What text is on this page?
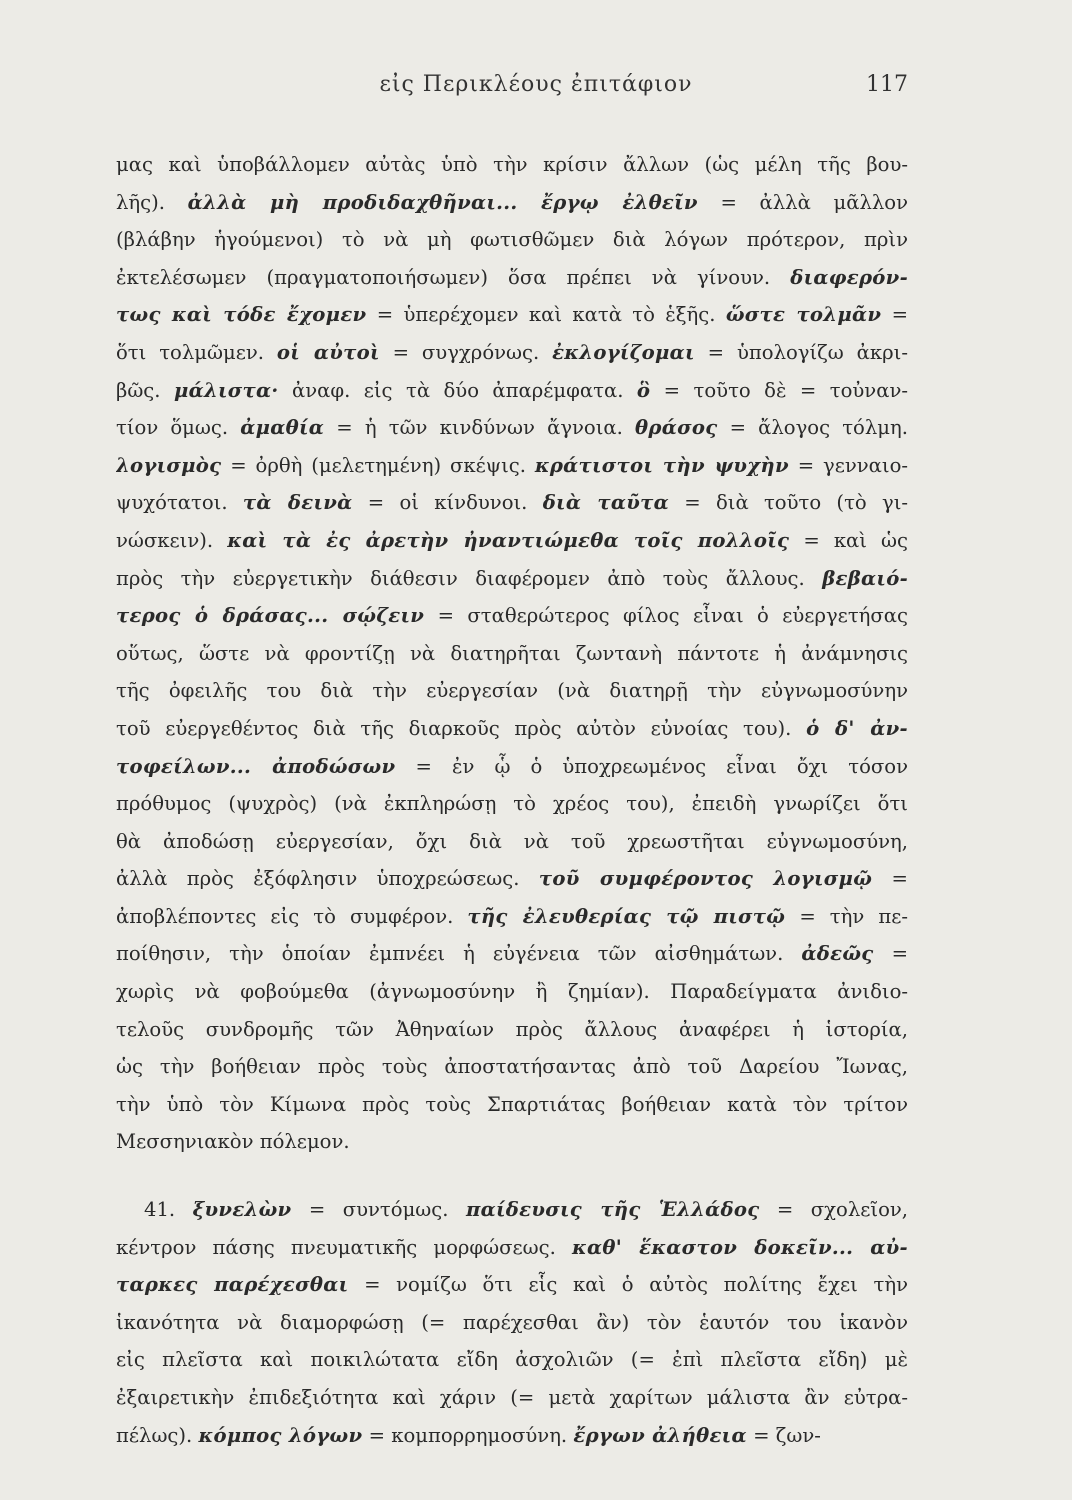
εἰς Περικλέους ἐπιτάφιον	117
μας καὶ ὑποβάλλομεν αὐτὰς ὑπὸ τὴν κρίσιν ἄλλων (ὡς μέλη τῆς βου-
λῆς). ἀλλὰ μὴ προδιδαχθῆναι... ἔργῳ ἐλθεῖν = ἀλλὰ μᾶλλον
(βλάβην ἡγούμενοι) τὸ νὰ μὴ φωτισθῶμεν διὰ λόγων πρότερον, πρὶν
ἐκτελέσωμεν (πραγματοποιήσωμεν) ὅσα πρέπει νὰ γίνουν. διαφερόν-
τως καὶ τόδε ἔχομεν = ὑπερέχομεν καὶ κατὰ τὸ ἑξῆς. ὥστε τολμᾶν =
ὅτι τολμῶμεν. οἱ αὐτοὶ = συγχρόνως. ἐκλογίζομαι = ὑπολογίζω ἀκρι-
βῶς. μάλιστα· ἀναφ. εἰς τὰ δύο ἀπαρέμφατα. ὃ = τοῦτο δὲ = τοὐναν-
τίον ὅμως. ἀμαθία = ἡ τῶν κινδύνων ἄγνοια. θράσος = ἄλογος τόλμη.
λογισμὸς = ὀρθὴ (μελετημένη) σκέψις. κράτιστοι τὴν ψυχὴν = γενναιο-
ψυχότατοι. τὰ δεινὰ = οἱ κίνδυνοι. διὰ ταῦτα = διὰ τοῦτο (τὸ γι-
νώσκειν). καὶ τὰ ἐς ἀρετὴν ἠναντιώμεθα τοῖς πολλοῖς = καὶ ὡς
πρὸς τὴν εὐεργετικὴν διάθεσιν διαφέρομεν ἀπὸ τοὺς ἄλλους. βεβαιό-
τερος ὁ δράσας... σῴζειν = σταθερώτερος φίλος εἶναι ὁ εὐεργετήσας
οὕτως, ὥστε νὰ φροντίζῃ νὰ διατηρῆται ζωντανὴ πάντοτε ἡ ἀνάμνησις
τῆς ὀφειλῆς του διὰ τὴν εὐεργεσίαν (νὰ διατηρῇ τὴν εὐγνωμοσύνην
τοῦ εὐεργεθέντος διὰ τῆς διαρκοῦς πρὸς αὐτὸν εὐνοίας του). ὁ δ' ἀν-
τοφείλων... ἀποδώσων = ἐν ᾧ ὁ ὑποχρεωμένος εἶναι ὄχι τόσον
πρόθυμος (ψυχρὸς) (νὰ ἐκπληρώσῃ τὸ χρέος του), ἐπειδὴ γνωρίζει ὅτι
θὰ ἀποδώσῃ εὐεργεσίαν, ὄχι διὰ νὰ τοῦ χρεωστῆται εὐγνωμοσύνη,
ἀλλὰ πρὸς ἐξόφλησιν ὑποχρεώσεως. τοῦ συμφέροντος λογισμῷ =
ἀποβλέποντες εἰς τὸ συμφέρον. τῆς ἐλευθερίας τῷ πιστῷ = τὴν πε-
ποίθησιν, τὴν ὁποίαν ἐμπνέει ἡ εὐγένεια τῶν αἰσθημάτων. ἀδεῶς =
χωρὶς νὰ φοβούμεθα (ἀγνωμοσύνην ἢ ζημίαν). Παραδείγματα ἀνιδιο-
τελοῦς συνδρομῆς τῶν Ἀθηναίων πρὸς ἄλλους ἀναφέρει ἡ ἱστορία,
ὡς τὴν βοήθειαν πρὸς τοὺς ἀποστατήσαντας ἀπὸ τοῦ Δαρείου Ἴωνας,
τὴν ὑπὸ τὸν Κίμωνα πρὸς τοὺς Σπαρτιάτας βοήθειαν κατὰ τὸν τρίτον
Μεσσηνιακὸν πόλεμον.
41. ξυνελὼν = συντόμως. παίδευσις τῆς Ἑλλάδος = σχολεῖον,
κέντρον πάσης πνευματικῆς μορφώσεως. καθ' ἕκαστον δοκεῖν... αὐ-
ταρκες παρέχεσθαι = νομίζω ὅτι εἷς καὶ ὁ αὐτὸς πολίτης ἔχει τὴν
ἱκανότητα νὰ διαμορφώσῃ (= παρέχεσθαι ἂν) τὸν ἑαυτόν του ἱκανὸν
εἰς πλεῖστα καὶ ποικιλώτατα εἴδη ἀσχολιῶν (= ἐπὶ πλεῖστα εἴδη) μὲ
ἐξαιρετικὴν ἐπιδεξιότητα καὶ χάριν (= μετὰ χαρίτων μάλιστα ἂν εὐτρα-
πέλως). κόμπος λόγων = κομπορρημοσύνη. ἔργων ἀλήθεια = ζων-
